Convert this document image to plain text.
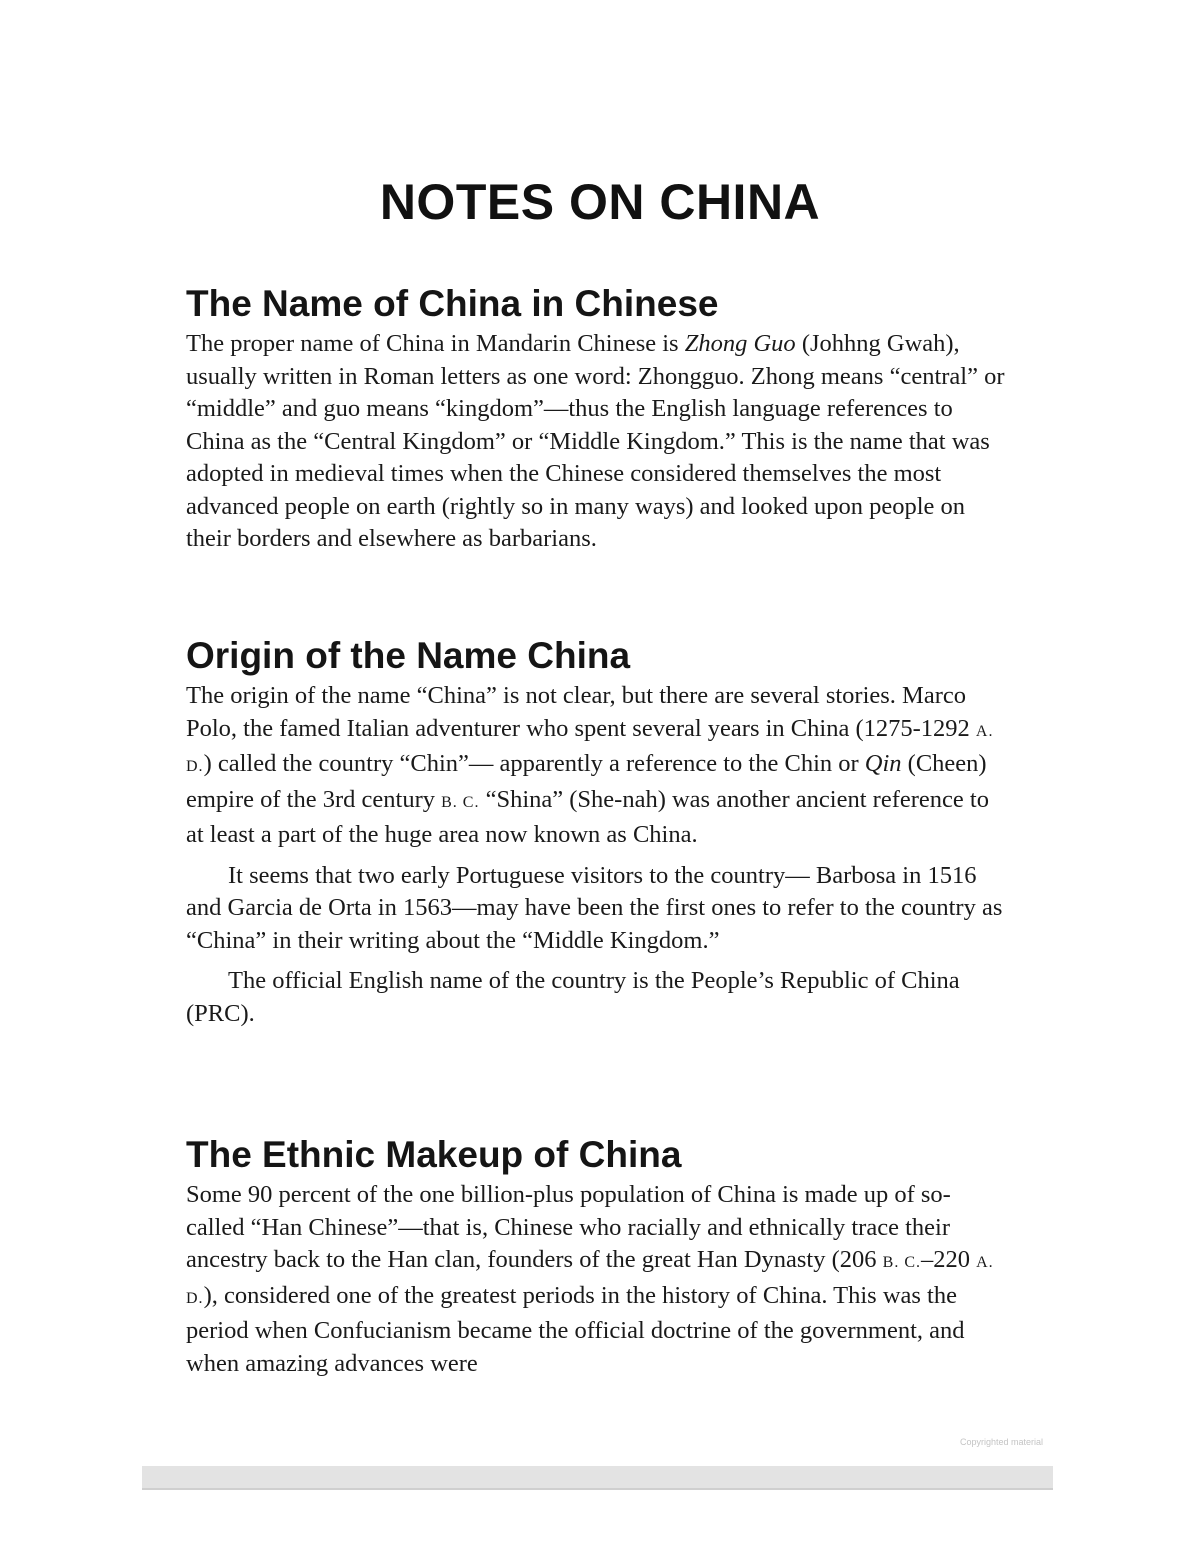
NOTES ON CHINA
The Name of China in Chinese

The proper name of China in Mandarin Chinese is Zhong Guo (Johhng Gwah), usually written in Roman letters as one word: Zhongguo. Zhong means “central” or “middle” and guo means “kingdom”—thus the English language references to China as the “Central Kingdom” or “Middle Kingdom.” This is the name that was adopted in medieval times when the Chinese considered themselves the most advanced people on earth (rightly so in many ways) and looked upon people on their borders and elsewhere as barbarians.

Origin of the Name China

The origin of the name “China” is not clear, but there are several stories. Marco Polo, the famed Italian adventurer who spent several years in China (1275-1292 A. D.) called the country “Chin”— apparently a reference to the Chin or Qin (Cheen) empire of the 3rd century B. C. “Shina” (She-nah) was another ancient reference to at least a part of the huge area now known as China.

It seems that two early Portuguese visitors to the country— Barbosa in 1516 and Garcia de Orta in 1563—may have been the first ones to refer to the country as “China” in their writing about the “Middle Kingdom.”

The official English name of the country is the People’s Republic of China (PRC).

The Ethnic Makeup of China

Some 90 percent of the one billion-plus population of China is made up of so-called “Han Chinese”—that is, Chinese who racially and ethnically trace their ancestry back to the Han clan, founders of the great Han Dynasty (206 B. C.–220 A. D.), considered one of the greatest periods in the history of China. This was the period when Confucianism became the official doctrine of the government, and when amazing advances were

Copyrighted material
